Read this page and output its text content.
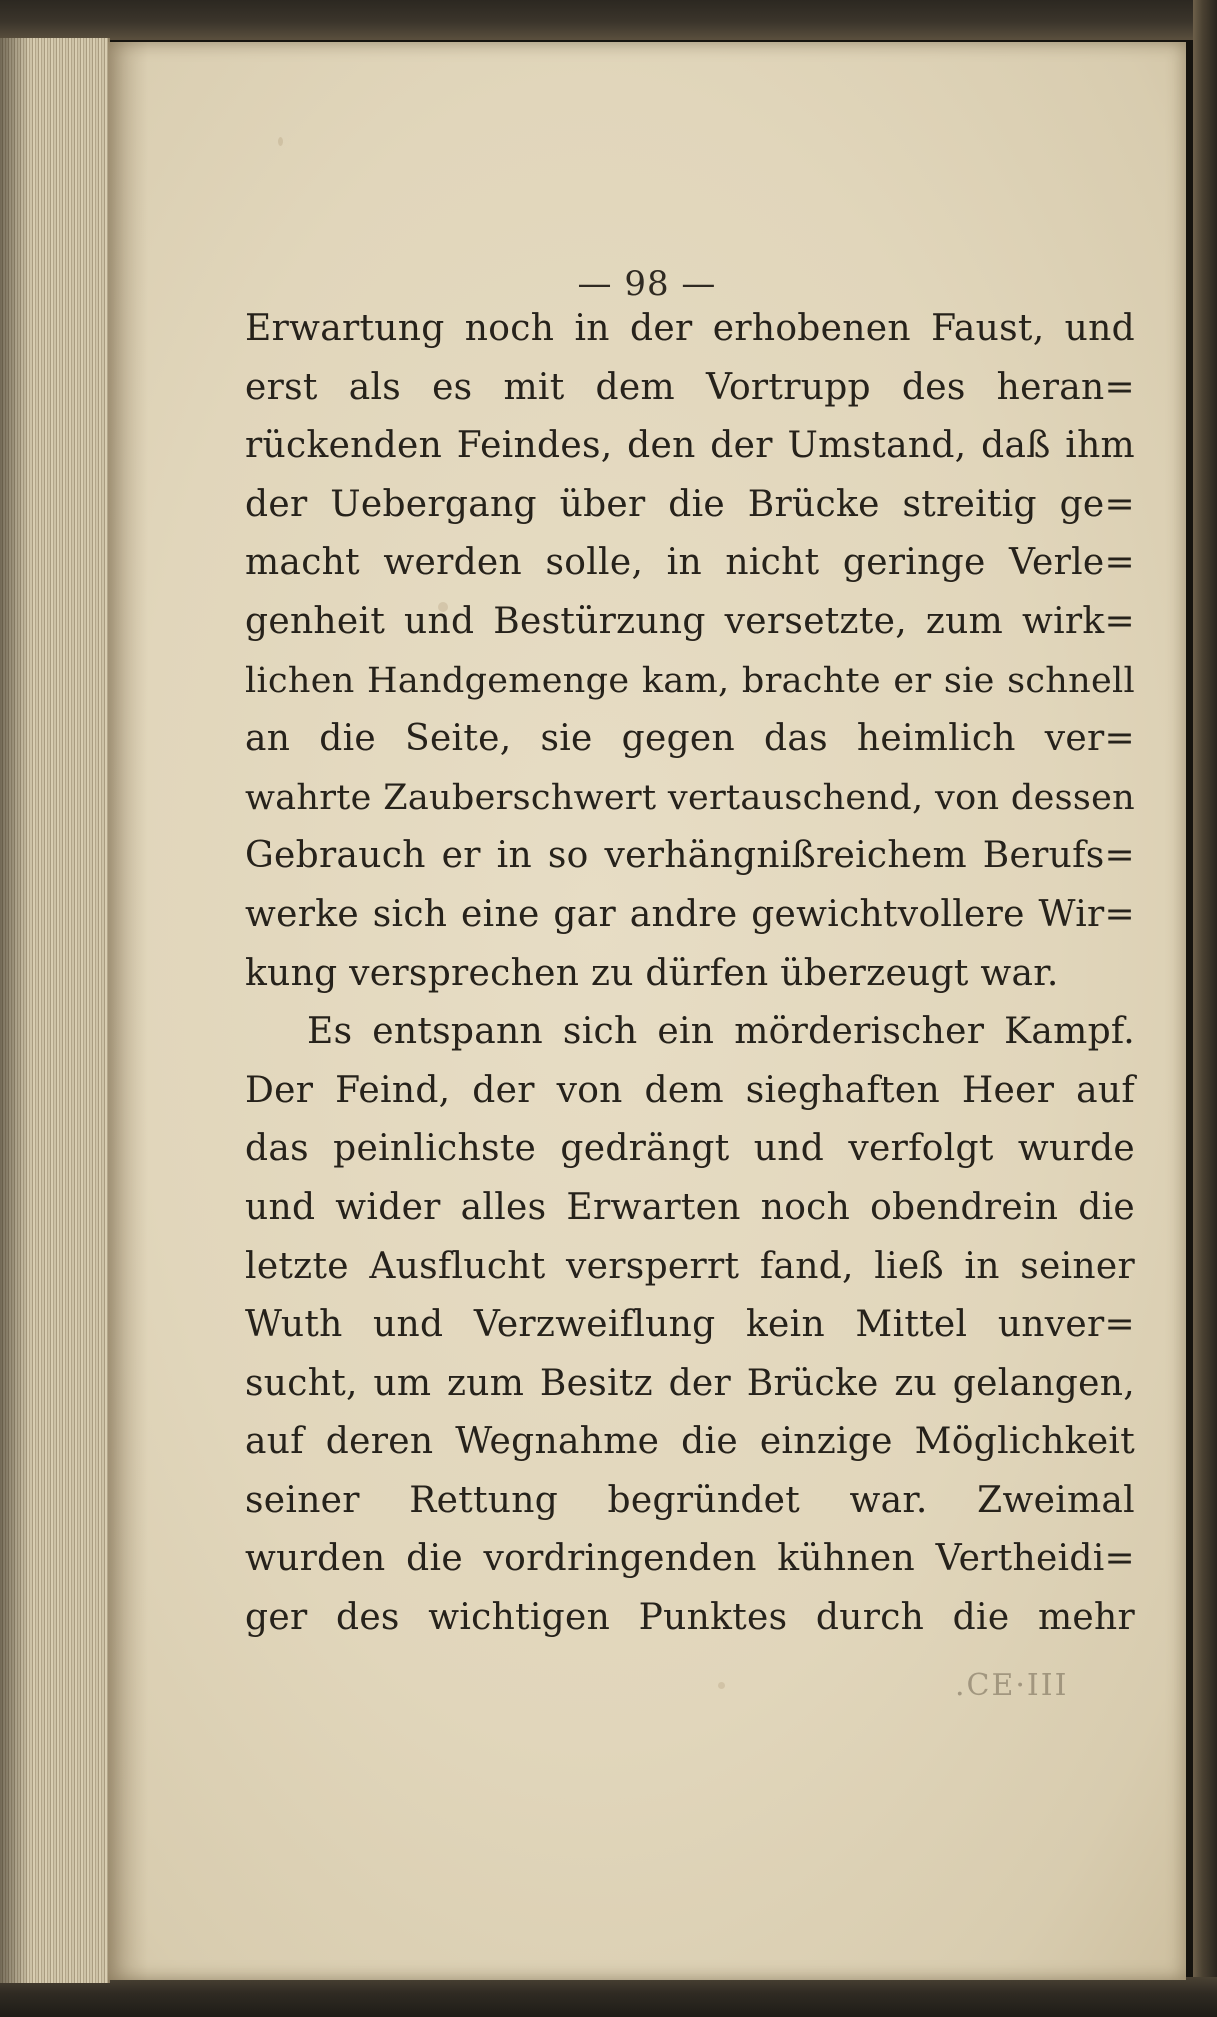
— 98 —
Erwartung noch in der erhobenen Faust, und
erst als es mit dem Vortrupp des heran=
rückenden Feindes, den der Umstand, daß ihm
der Uebergang über die Brücke streitig ge=
macht werden solle, in nicht geringe Verle=
genheit und Bestürzung versetzte, zum wirk=
lichen Handgemenge kam, brachte er sie schnell
an die Seite, sie gegen das heimlich ver=
wahrte Zauberschwert vertauschend, von dessen
Gebrauch er in so verhängnißreichem Berufs=
werke sich eine gar andre gewichtvollere Wir=
kung versprechen zu dürfen überzeugt war.
Es entspann sich ein mörderischer Kampf.
Der Feind, der von dem sieghaften Heer auf
das peinlichste gedrängt und verfolgt wurde
und wider alles Erwarten noch obendrein die
letzte Ausflucht versperrt fand, ließ in seiner
Wuth und Verzweiflung kein Mittel unver=
sucht, um zum Besitz der Brücke zu gelangen,
auf deren Wegnahme die einzige Möglichkeit
seiner Rettung begründet war. Zweimal
wurden die vordringenden kühnen Vertheidi=
ger des wichtigen Punktes durch die mehr
.CE·III
